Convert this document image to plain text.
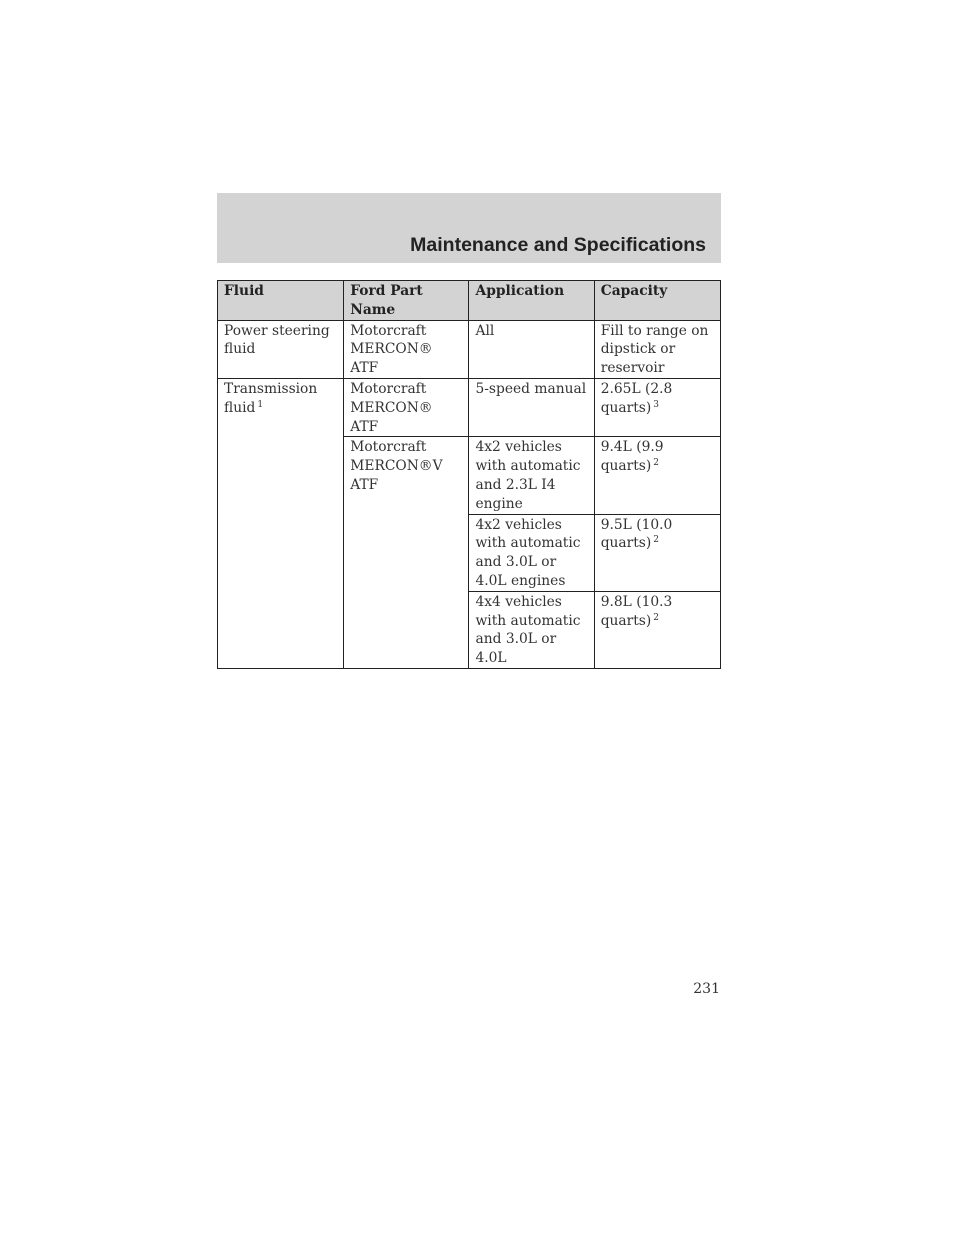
Maintenance and Specifications
Fluid	Ford Part Name	Application	Capacity
Power steering fluid	Motorcraft MERCON® ATF	All	Fill to range on dipstick or reservoir
Transmission fluid $^1$	Motorcraft MERCON® ATF	5-speed manual	2.65L (2.8 quarts) $^3$
	Motorcraft MERCON®V ATF	4x2 vehicles with automatic and 2.3L I4 engine	9.4L (9.9 quarts) $^2$
		4x2 vehicles with automatic and 3.0L or 4.0L engines	9.5L (10.0 quarts) $^2$
		4x4 vehicles with automatic and 3.0L or 4.0L	9.8L (10.3 quarts) $^2$
231
